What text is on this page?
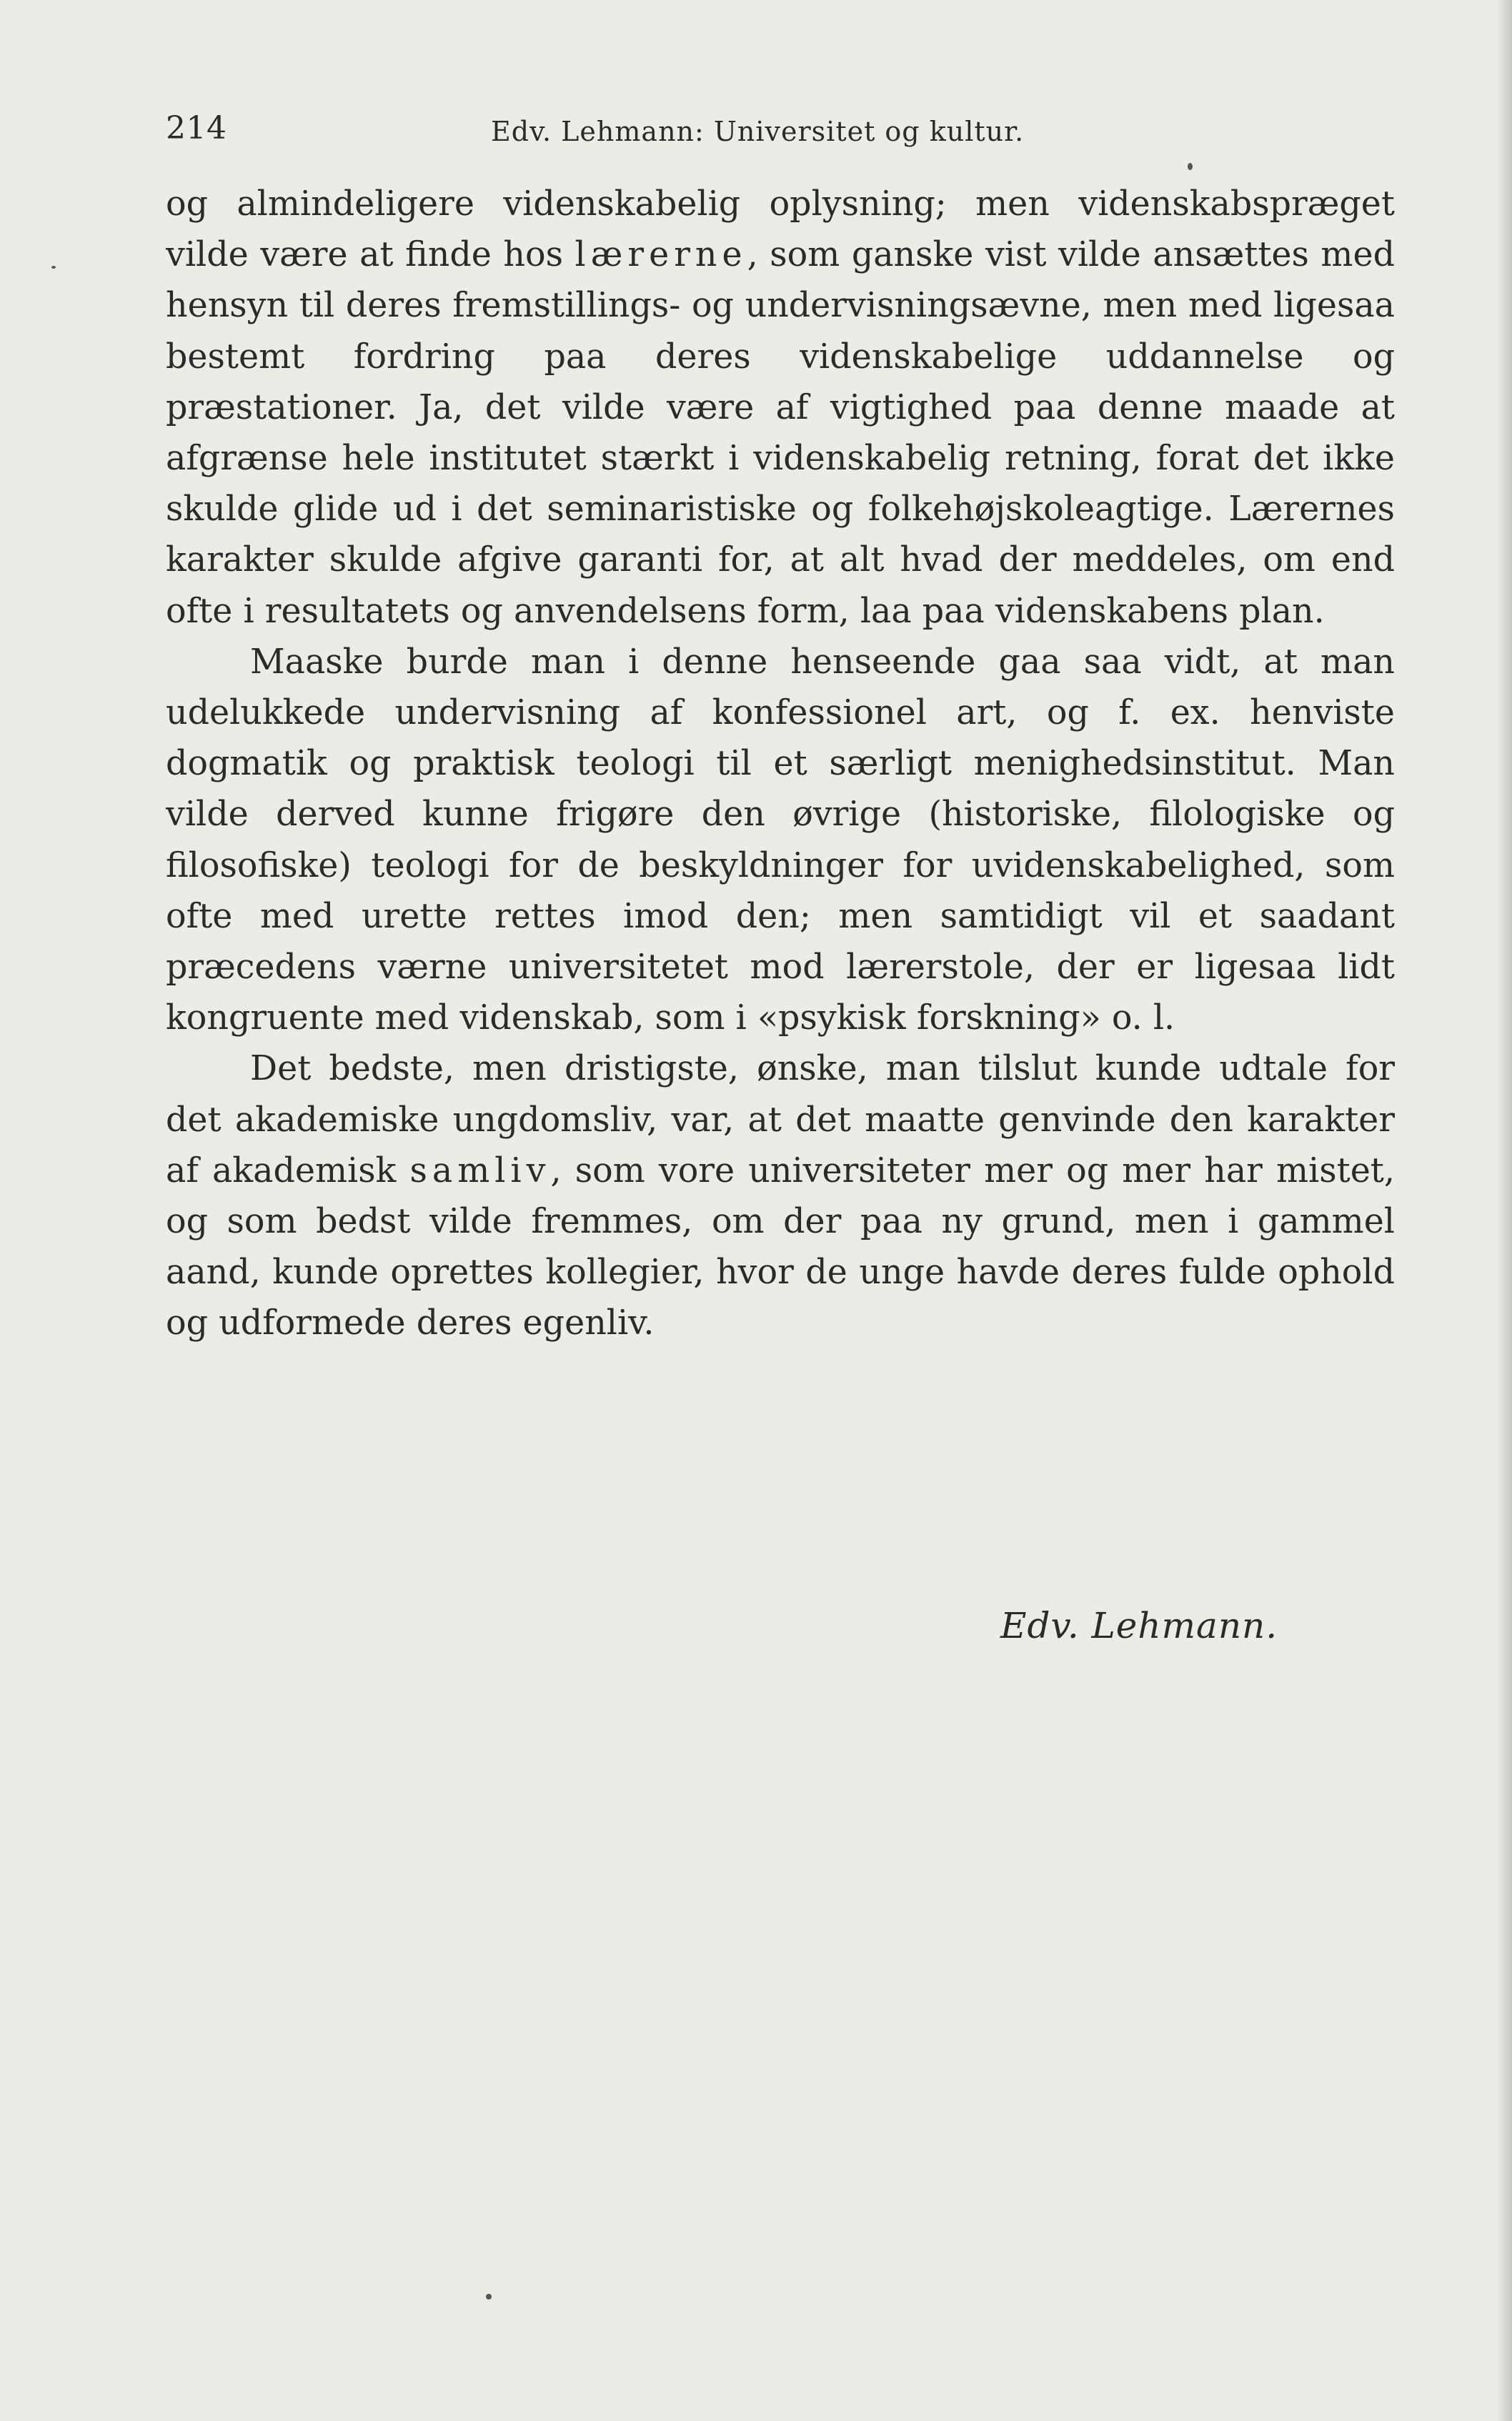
214	Edv. Lehmann: Universitet og kultur.

og almindeligere videnskabelig oplysning; men videnskabspræget vilde være at finde hos lærerne, som ganske vist vilde ansættes med hensyn til deres fremstillings- og undervisningsævne, men med ligesaa bestemt fordring paa deres videnskabelige uddannelse og præstationer. Ja, det vilde være af vigtighed paa denne maade at afgrænse hele institutet stærkt i videnskabelig retning, forat det ikke skulde glide ud i det seminaristiske og folkehøjskoleagtige. Lærernes karakter skulde afgive garanti for, at alt hvad der meddeles, om end ofte i resultatets og anvendelsens form, laa paa videnskabens plan.

Maaske burde man i denne henseende gaa saa vidt, at man udelukkede undervisning af konfessionel art, og f. ex. henviste dogmatik og praktisk teologi til et særligt menighedsinstitut. Man vilde derved kunne frigøre den øvrige (historiske, filologiske og filosofiske) teologi for de beskyldninger for uvidenskabelighed, som ofte med urette rettes imod den; men samtidigt vil et saadant præcedens værne universitetet mod lærerstole, der er ligesaa lidt kongruente med videnskab, som i «psykisk forskning» o. l.

Det bedste, men dristigste, ønske, man tilslut kunde udtale for det akademiske ungdomsliv, var, at det maatte genvinde den karakter af akademisk samliv, som vore universiteter mer og mer har mistet, og som bedst vilde fremmes, om der paa ny grund, men i gammel aand, kunde oprettes kollegier, hvor de unge havde deres fulde ophold og udformede deres egenliv.

Edv. Lehmann.
